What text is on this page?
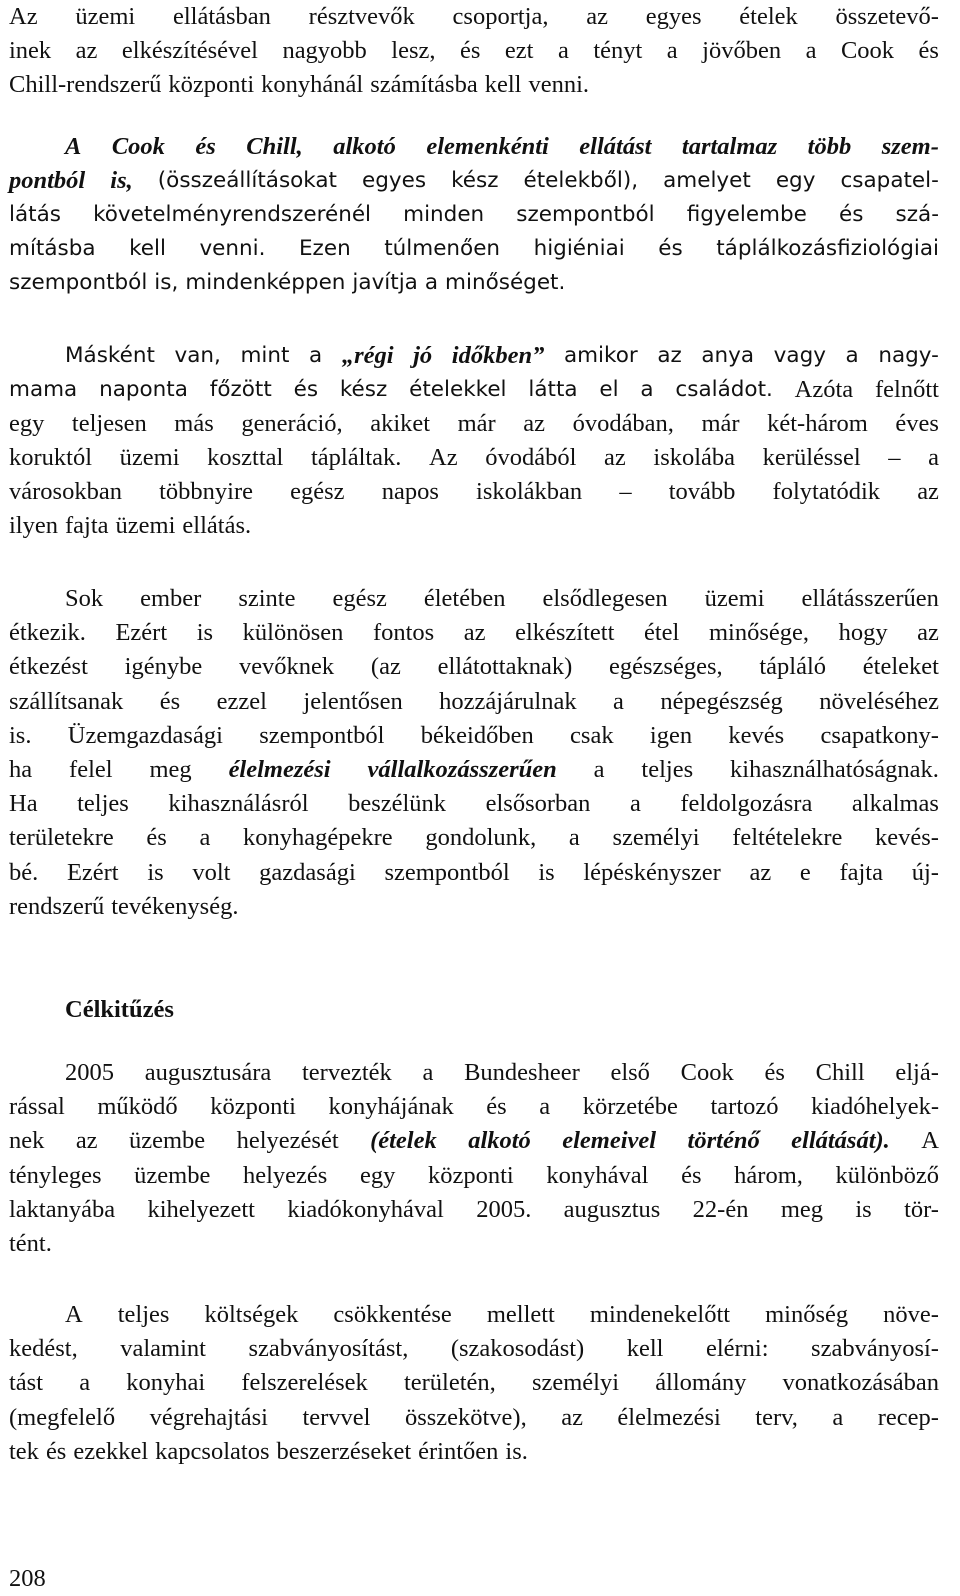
Célkitűzés
208
Az üzemi ellátásban résztvevők csoportja, az egyes ételek összetevő-
inek az elkészítésével nagyobb lesz, és ezt a tényt a jövőben a Cook és
Chill-rendszerű központi konyhánál számításba kell venni.
A Cook és Chill, alkotó elemenkénti ellátást tartalmaz több szem-
pontból is, (összeállításokat egyes kész ételekből), amelyet egy csapatel-
látás követelményrendszerénél minden szempontból figyelembe és szá-
mításba kell venni. Ezen túlmenően higiéniai és táplálkozásfiziológiai
szempontból is, mindenképpen javítja a minőséget.
Másként van, mint a „régi jó időkben” amikor az anya vagy a nagy-
mama naponta főzött és kész ételekkel látta el a családot. Azóta felnőtt
egy teljesen más generáció, akiket már az óvodában, már két-három éves
koruktól üzemi koszttal tápláltak. Az óvodából az iskolába kerüléssel – a
városokban többnyire egész napos iskolákban – tovább folytatódik az
ilyen fajta üzemi ellátás.
Sok ember szinte egész életében elsődlegesen üzemi ellátásszerűen
étkezik. Ezért is különösen fontos az elkészített étel minősége, hogy az
étkezést igénybe vevőknek (az ellátottaknak) egészséges, tápláló ételeket
szállítsanak és ezzel jelentősen hozzájárulnak a népegészség növeléséhez
is. Üzemgazdasági szempontból békeidőben csak igen kevés csapatkony-
ha felel meg élelmezési vállalkozásszerűen a teljes kihasználhatóságnak.
Ha teljes kihasználásról beszélünk elsősorban a feldolgozásra alkalmas
területekre és a konyhagépekre gondolunk, a személyi feltételekre kevés-
bé. Ezért is volt gazdasági szempontból is lépéskényszer az e fajta új-
rendszerű tevékenység.
2005 augusztusára tervezték a Bundesheer első Cook és Chill eljá-
rással működő központi konyhájának és a körzetébe tartozó kiadóhelyek-
nek az üzembe helyezését (ételek alkotó elemeivel történő ellátását). A
tényleges üzembe helyezés egy központi konyhával és három, különböző
laktanyába kihelyezett kiadókonyhával 2005. augusztus 22-én meg is tör-
tént.
A teljes költségek csökkentése mellett mindenekelőtt minőség növe-
kedést, valamint szabványosítást, (szakosodást) kell elérni: szabványosí-
tást a konyhai felszerelések területén, személyi állomány vonatkozásában
(megfelelő végrehajtási tervvel összekötve), az élelmezési terv, a recep-
tek és ezekkel kapcsolatos beszerzéseket érintően is.
